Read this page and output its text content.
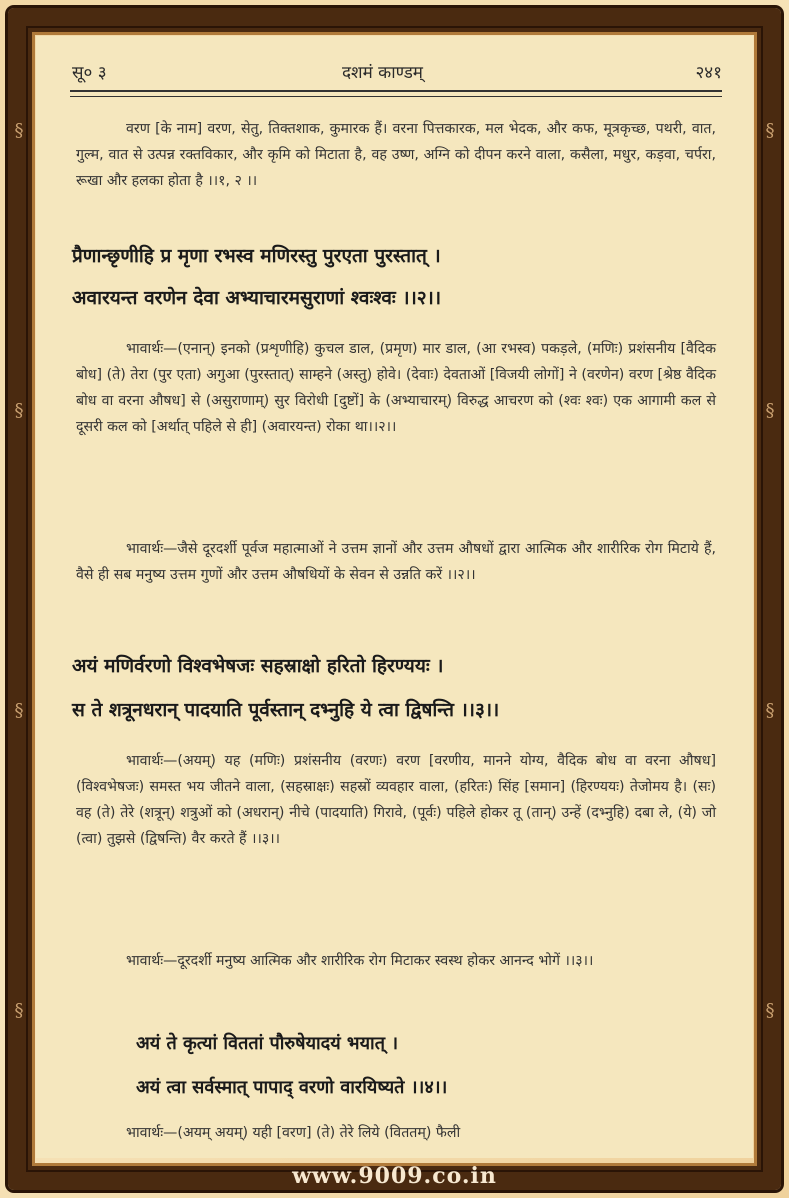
§
§
§
§
§
§
§
§
सू० ३	दशमं काण्डम्	२४१

वरण [के नाम] वरण, सेतु, तिक्तशाक, कुमारक हैं। वरना पित्तकारक, मल भेदक, और कफ, मूत्रकृच्छ, पथरी, वात, गुल्म, वात से उत्पन्न रक्तविकार, और कृमि को मिटाता है, वह उष्ण, अग्नि को दीपन करने वाला, कसैला, मधुर, कड़वा, चर्परा, रूखा और हलका होता है ।।१, २ ।।

प्रैणान्छृणीहि प्र मृणा रभस्व मणिरस्तु पुरएता पुरस्तात् ।

अवारयन्त वरणेन देवा अभ्याचारमसुराणां श्वःश्वः ।।२।।

भावार्थः—(एनान्) इनको (प्रशृणीहि) कुचल डाल, (प्रमृण) मार डाल, (आ रभस्व) पकड़ले, (मणिः) प्रशंसनीय [वैदिक बोध] (ते) तेरा (पुर एता) अगुआ (पुरस्तात्) साम्हने (अस्तु) होवे। (देवाः) देवताओं [विजयी लोगों] ने (वरणेन) वरण [श्रेष्ठ वैदिक बोध वा वरना औषध] से (असुराणाम्) सुर विरोधी [दुष्टों] के (अभ्याचारम्) विरुद्ध आचरण को (श्वः श्वः) एक आगामी कल से दूसरी कल को [अर्थात् पहिले से ही] (अवारयन्त) रोका था।।२।।

भावार्थः—जैसे दूरदर्शी पूर्वज महात्माओं ने उत्तम ज्ञानों और उत्तम औषधों द्वारा आत्मिक और शारीरिक रोग मिटाये हैं, वैसे ही सब मनुष्य उत्तम गुणों और उत्तम औषधियों के सेवन से उन्नति करें ।।२।।

अयं मणिर्वरणो विश्वभेषजः सहस्राक्षो हरितो हिरण्ययः ।

स ते शत्रूनधरान् पादयाति पूर्वस्तान् दभ्नुहि ये त्वा द्विषन्ति ।।३।।

भावार्थः—(अयम्) यह (मणिः) प्रशंसनीय (वरणः) वरण [वरणीय, मानने योग्य, वैदिक बोध वा वरना औषध] (विश्वभेषजः) समस्त भय जीतने वाला, (सहस्राक्षः) सहस्रों व्यवहार वाला, (हरितः) सिंह [समान] (हिरण्ययः) तेजोमय है। (सः) वह (ते) तेरे (शत्रून्) शत्रुओं को (अधरान्) नीचे (पादयाति) गिरावे, (पूर्वः) पहिले होकर तू (तान्) उन्हें (दभ्नुहि) दबा ले, (ये) जो (त्वा) तुझसे (द्विषन्ति) वैर करते हैं ।।३।।

भावार्थः—दूरदर्शी मनुष्य आत्मिक और शारीरिक रोग मिटाकर स्वस्थ होकर आनन्द भोगें ।।३।।

अयं ते कृत्यां विततां पौरुषेयादयं भयात् ।

अयं त्वा सर्वस्मात् पापाद् वरणो वारयिष्यते ।।४।।

भावार्थः—(अयम् अयम्) यही [वरण] (ते) तेरे लिये (विततम्) फैली

www.9009.co.in
